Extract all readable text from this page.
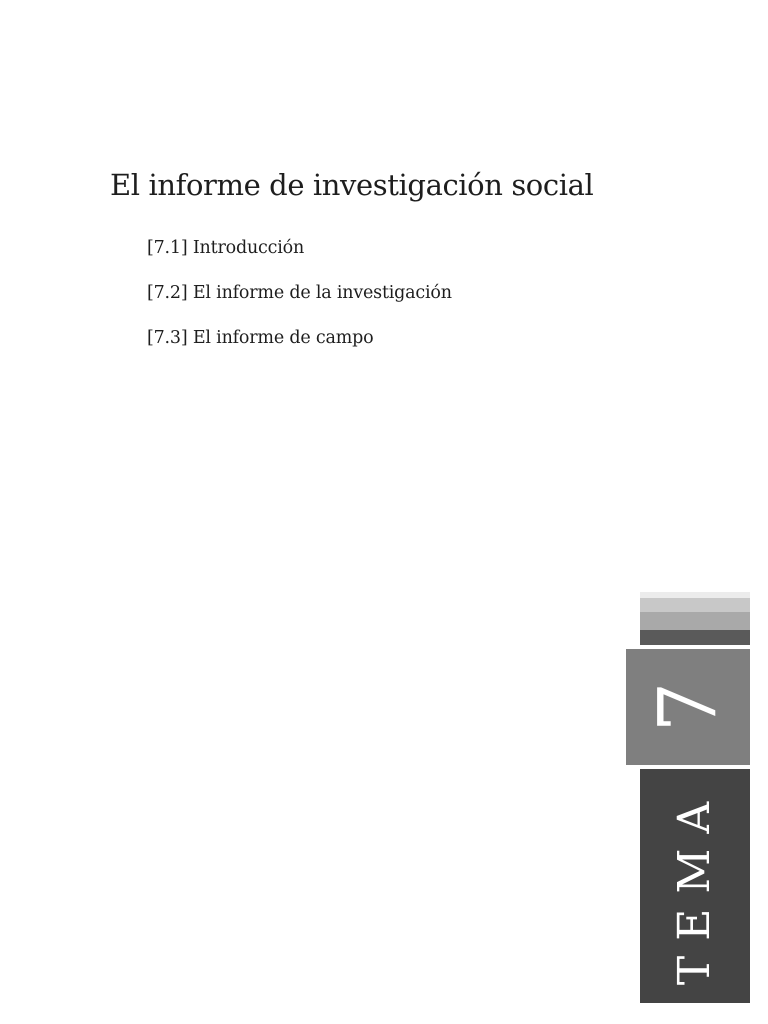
El informe de investigación social
[7.1] Introducción
[7.2] El informe de la investigación
[7.3] El informe de campo
7
TEMA
